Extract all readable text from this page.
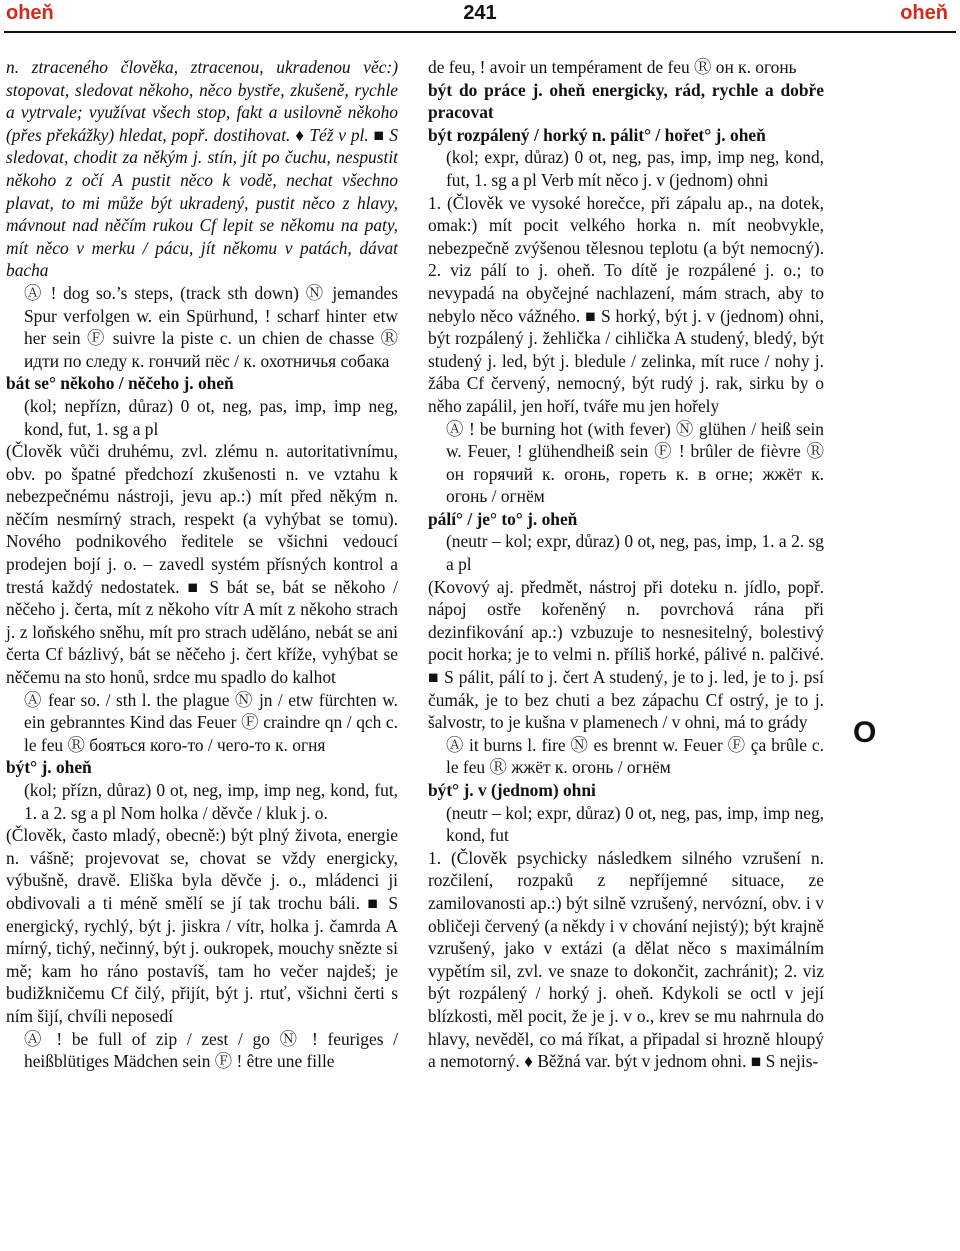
oheň	241	oheň

n. ztraceného člověka, ztracenou, ukradenou věc:) stopovat, sledovat někoho, něco bystře, zkušeně, rychle a vytrvale; využívat všech stop, fakt a usilovně někoho (přes překážky) hledat, popř. dostihovat. ♦ Též v pl. ■ S sledovat, chodit za někým j. stín, jít po čuchu, nespustit někoho z očí A pustit něco k vodě, nechat všechno plavat, to mi může být ukradený, pustit něco z hlavy, mávnout nad něčím rukou Cf lepit se někomu na paty, mít něco v merku / pácu, jít někomu v patách, dávat bacha

Ⓐ ! dog so.’s steps, (track sth down) Ⓝ jemandes Spur verfolgen w. ein Spürhund, ! scharf hinter etw her sein Ⓕ suivre la piste c. un chien de chasse Ⓡ идти по следу к. гончий пёс / к. охотничья собака

bát se° někoho / něčeho j. oheň

(kol; nepřízn, důraz) 0 ot, neg, pas, imp, imp neg, kond, fut, 1. sg a pl

(Člověk vůči druhému, zvl. zlému n. autoritativnímu, obv. po špatné předchozí zkušenosti n. ve vztahu k nebezpečnému nástroji, jevu ap.:) mít před někým n. něčím nesmírný strach, respekt (a vyhýbat se tomu). Nového podnikového ředitele se všichni vedoucí prodejen bojí j. o. – zavedl systém přísných kontrol a trestá každý nedostatek. ■ S bát se, bát se někoho / něčeho j. čerta, mít z někoho vítr A mít z někoho strach j. z loňského sněhu, mít pro strach uděláno, nebát se ani čerta Cf bázlivý, bát se něčeho j. čert kříže, vyhýbat se něčemu na sto honů, srdce mu spadlo do kalhot

Ⓐ fear so. / sth l. the plague Ⓝ jn / etw fürchten w. ein gebranntes Kind das Feuer Ⓕ craindre qn / qch c. le feu Ⓡ бояться кого-то / чего-то к. огня

být° j. oheň

(kol; přízn, důraz) 0 ot, neg, imp, imp neg, kond, fut, 1. a 2. sg a pl Nom holka / děvče / kluk j. o.

(Člověk, často mladý, obecně:) být plný života, energie n. vášně; projevovat se, chovat se vždy energicky, výbušně, dravě. Eliška byla děvče j. o., mládenci ji obdivovali a ti méně smělí se jí tak trochu báli. ■ S energický, rychlý, být j. jiskra / vítr, holka j. čamrda A mírný, tichý, nečinný, být j. oukropek, mouchy snězte si mě; kam ho ráno postavíš, tam ho večer najdeš; je budižkničemu Cf čilý, přijít, být j. rtuť, všichni čerti s ním šijí, chvíli neposedí

Ⓐ ! be full of zip / zest / go Ⓝ ! feuriges / heißblütiges Mädchen sein Ⓕ ! être une fille

de feu, ! avoir un tempérament de feu Ⓡ он к. огонь

být do práce j. oheň energicky, rád, rychle a dobře pracovat

být rozpálený / horký n. pálit° / hořet° j. oheň

(kol; expr, důraz) 0 ot, neg, pas, imp, imp neg, kond, fut, 1. sg a pl Verb mít něco j. v (jednom) ohni

1. (Člověk ve vysoké horečce, při zápalu ap., na dotek, omak:) mít pocit velkého horka n. mít neobvykle, nebezpečně zvýšenou tělesnou teplotu (a být nemocný). 2. viz pálí to j. oheň. To dítě je rozpálené j. o.; to nevypadá na obyčejné nachlazení, mám strach, aby to nebylo něco vážného. ■ S horký, být j. v (jednom) ohni, být rozpálený j. žehlička / cihlička A studený, bledý, být studený j. led, být j. bledule / zelinka, mít ruce / nohy j. žába Cf červený, nemocný, být rudý j. rak, sirku by o něho zapálil, jen hoří, tváře mu jen hořely

Ⓐ ! be burning hot (with fever) Ⓝ glühen / heiß sein w. Feuer, ! glühendheiß sein Ⓕ ! brûler de fièvre Ⓡ он горячий к. огонь, гореть к. в огне; жжёт к. огонь / огнём

pálí° / je° to° j. oheň

(neutr – kol; expr, důraz) 0 ot, neg, pas, imp, 1. a 2. sg a pl

(Kovový aj. předmět, nástroj při doteku n. jídlo, popř. nápoj ostře kořeněný n. povrchová rána při dezinfikování ap.:) vzbuzuje to nesnesitelný, bolestivý pocit horka; je to velmi n. příliš horké, pálivé n. palčivé. ■ S pálit, pálí to j. čert A studený, je to j. led, je to j. psí čumák, je to bez chuti a bez zápachu Cf ostrý, je to j. šalvostr, to je kušna v plamenech / v ohni, má to grády

Ⓐ it burns l. fire Ⓝ es brennt w. Feuer Ⓕ ça brûle c. le feu Ⓡ жжёт к. огонь / огнём

být° j. v (jednom) ohni

(neutr – kol; expr, důraz) 0 ot, neg, pas, imp, imp neg, kond, fut

1. (Člověk psychicky následkem silného vzrušení n. rozčilení, rozpaků z nepříjemné situace, ze zamilovanosti ap.:) být silně vzrušený, nervózní, obv. i v obličeji červený (a někdy i v chování nejistý); být krajně vzrušený, jako v extázi (a dělat něco s maximálním vypětím sil, zvl. ve snaze to dokončit, zachránit); 2. viz být rozpálený / horký j. oheň. Kdykoli se octl v její blízkosti, měl pocit, že je j. v o., krev se mu nahrnula do hlavy, nevěděl, co má říkat, a připadal si hrozně hloupý a nemotorný. ♦ Běžná var. být v jednom ohni. ■ S nejis-

O
